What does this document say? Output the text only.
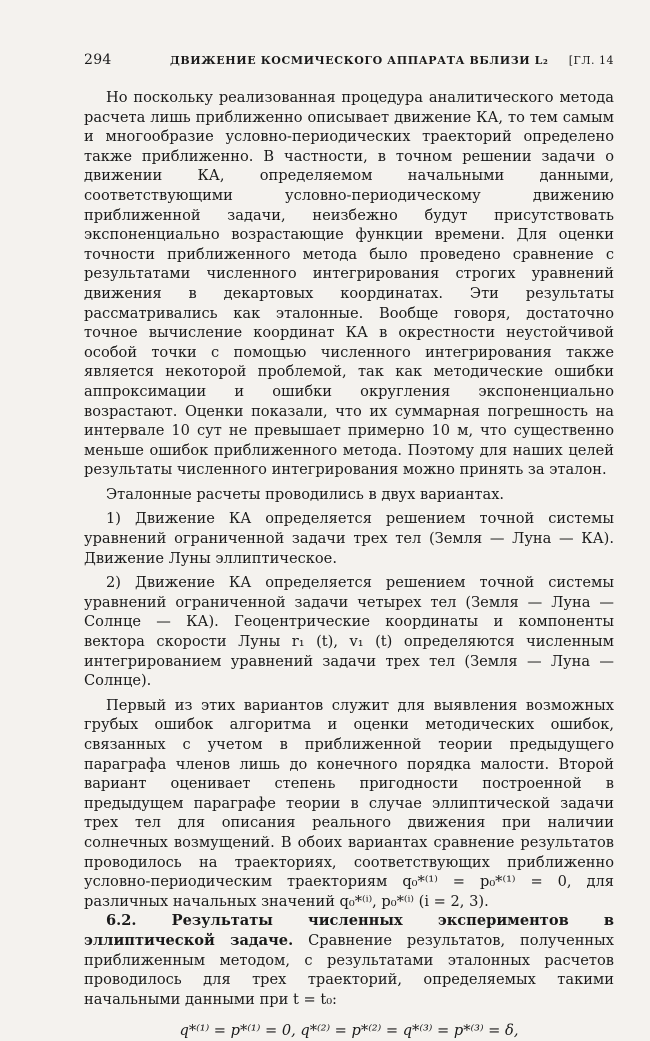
294	ДВИЖЕНИЕ КОСМИЧЕСКОГО АППАРАТА ВБЛИЗИ L₂ [ГЛ. 14

Но поскольку реализованная процедура аналитического метода расчета лишь приближенно описывает движение КА, то тем самым и многообразие условно-периодических траекторий определено также приближенно. В частности, в точном решении задачи о движении КА, определяемом начальными данными, соответствующими условно-периодическому движению приближенной задачи, неизбежно будут присутствовать экспоненциально возрастающие функции времени. Для оценки точности приближенного метода было проведено сравнение с результатами численного интегрирования строгих уравнений движения в декартовых координатах. Эти результаты рассматривались как эталонные. Вообще говоря, достаточно точное вычисление координат КА в окрестности неустойчивой особой точки с помощью численного интегрирования также является некоторой проблемой, так как методические ошибки аппроксимации и ошибки округления экспоненциально возрастают. Оценки показали, что их суммарная погрешность на интервале 10 сут не превышает примерно 10 м, что существенно меньше ошибок приближенного метода. Поэтому для наших целей результаты численного интегрирования можно принять за эталон.

Эталонные расчеты проводились в двух вариантах.

1) Движение КА определяется решением точной системы уравнений ограниченной задачи трех тел (Земля — Луна — КА). Движение Луны эллиптическое.

2) Движение КА определяется решением точной системы уравнений ограниченной задачи четырех тел (Земля — Луна — Солнце — КА). Геоцентрические координаты и компоненты вектора скорости Луны r₁ (t), v₁ (t) определяются численным интегрированием уравнений задачи трех тел (Земля — Луна — Солнце).

Первый из этих вариантов служит для выявления возможных грубых ошибок алгоритма и оценки методических ошибок, связанных с учетом в приближенной теории предыдущего параграфа членов лишь до конечного порядка малости. Второй вариант оценивает степень пригодности построенной в предыдущем параграфе теории в случае эллиптической задачи трех тел для описания реального движения при наличии солнечных возмущений. В обоих вариантах сравнение результатов проводилось на траекториях, соответствующих приближенно условно-периодическим траекториям q₀*⁽¹⁾ = p₀*⁽¹⁾ = 0, для различных начальных значений q₀*⁽ⁱ⁾, p₀*⁽ⁱ⁾ (i = 2, 3).

6.2. Результаты численных экспериментов в эллиптической задаче. Сравнение результатов, полученных приближенным методом, с результатами эталонных расчетов проводилось для трех траекторий, определяемых такими начальными данными при t = t₀:

q*⁽¹⁾ = p*⁽¹⁾ = 0, q*⁽²⁾ = p*⁽²⁾ = q*⁽³⁾ = p*⁽³⁾ = δ,
